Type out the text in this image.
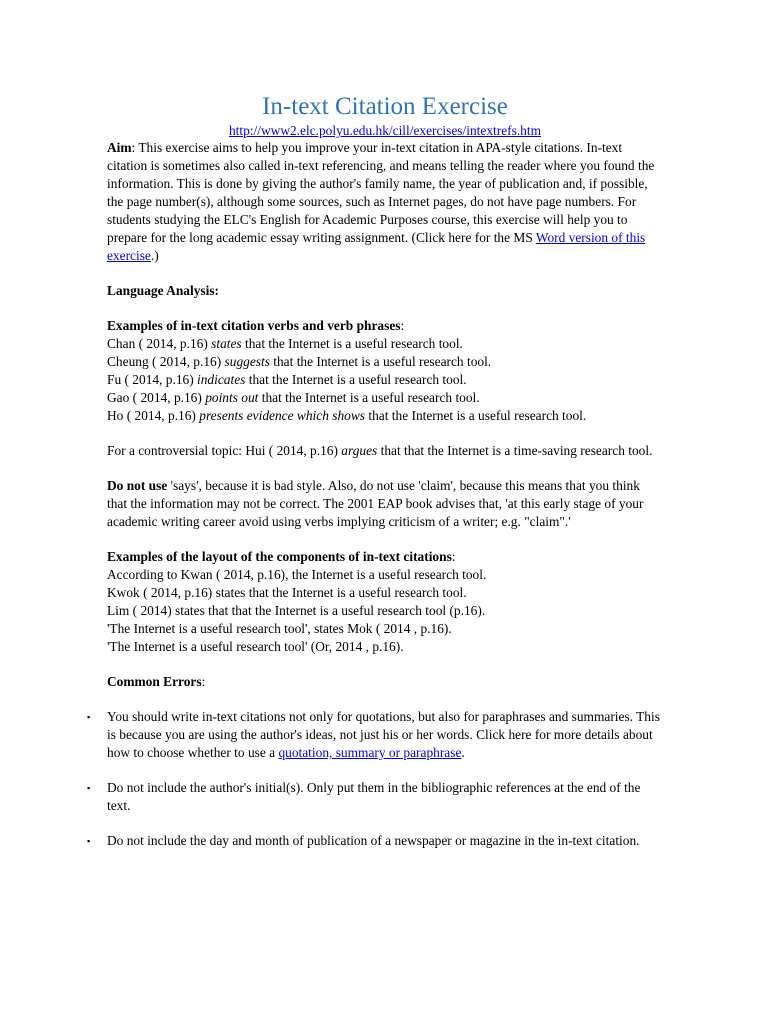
In-text Citation Exercise
http://www2.elc.polyu.edu.hk/cill/exercises/intextrefs.htm

Aim: This exercise aims to help you improve your in-text citation in APA-style citations. In-text citation is sometimes also called in-text referencing, and means telling the reader where you found the information. This is done by giving the author's family name, the year of publication and, if possible, the page number(s), although some sources, such as Internet pages, do not have page numbers. For students studying the ELC's English for Academic Purposes course, this exercise will help you to prepare for the long academic essay writing assignment. (Click here for the MS Word version of this exercise.)

Language Analysis:

Examples of in-text citation verbs and verb phrases:

Chan ( 2014, p.16) states that the Internet is a useful research tool.

Cheung ( 2014, p.16) suggests that the Internet is a useful research tool.

Fu ( 2014, p.16) indicates that the Internet is a useful research tool.

Gao ( 2014, p.16) points out that the Internet is a useful research tool.

Ho ( 2014, p.16) presents evidence which shows that the Internet is a useful research tool.

For a controversial topic: Hui ( 2014, p.16) argues that that the Internet is a time-saving research tool.

Do not use 'says', because it is bad style. Also, do not use 'claim', because this means that you think that the information may not be correct. The 2001 EAP book advises that, 'at this early stage of your academic writing career avoid using verbs implying criticism of a writer; e.g. "claim".'

Examples of the layout of the components of in-text citations:

According to Kwan ( 2014, p.16), the Internet is a useful research tool.

Kwok ( 2014, p.16) states that the Internet is a useful research tool.

Lim ( 2014) states that that the Internet is a useful research tool (p.16).

'The Internet is a useful research tool', states Mok ( 2014 , p.16).

'The Internet is a useful research tool' (Or, 2014 , p.16).

Common Errors:

▪ You should write in-text citations not only for quotations, but also for paraphrases and summaries. This is because you are using the author's ideas, not just his or her words. Click here for more details about how to choose whether to use a quotation, summary or paraphrase.
▪ Do not include the author's initial(s). Only put them in the bibliographic references at the end of the text.
▪ Do not include the day and month of publication of a newspaper or magazine in the in-text citation.
